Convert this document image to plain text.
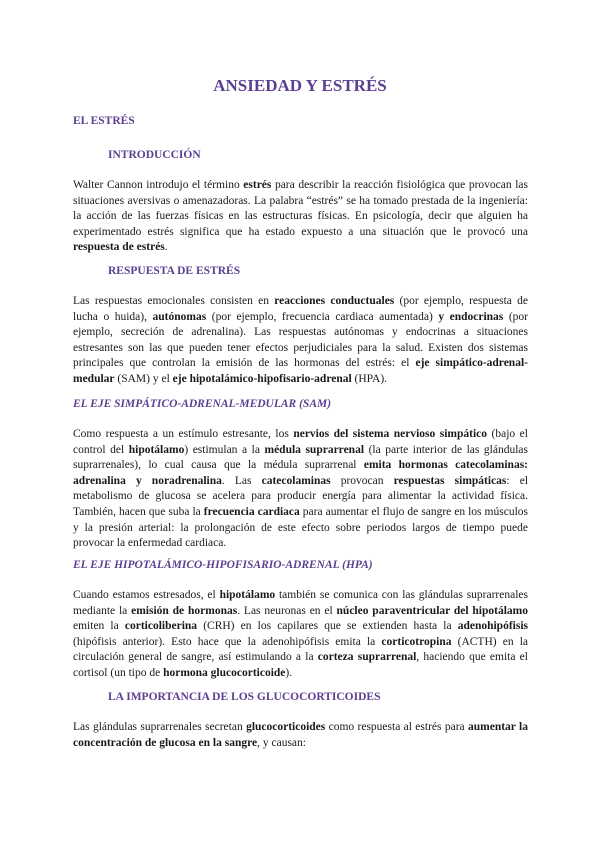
ANSIEDAD Y ESTRÉS
EL ESTRÉS
INTRODUCCIÓN

Walter Cannon introdujo el término estrés para describir la reacción fisiológica que provocan las situaciones aversivas o amenazadoras. La palabra “estrés” se ha tomado prestada de la ingeniería: la acción de las fuerzas físicas en las estructuras físicas. En psicología, decir que alguien ha experimentado estrés significa que ha estado expuesto a una situación que le provocó una respuesta de estrés.

RESPUESTA DE ESTRÉS

Las respuestas emocionales consisten en reacciones conductuales (por ejemplo, respuesta de lucha o huida), autónomas (por ejemplo, frecuencia cardiaca aumentada) y endocrinas (por ejemplo, secreción de adrenalina). Las respuestas autónomas y endocrinas a situaciones estresantes son las que pueden tener efectos perjudiciales para la salud. Existen dos sistemas principales que controlan la emisión de las hormonas del estrés: el eje simpático-adrenal-medular (SAM) y el eje hipotalámico-hipofisario-adrenal (HPA).

EL EJE SIMPÁTICO-ADRENAL-MEDULAR (SAM)

Como respuesta a un estímulo estresante, los nervios del sistema nervioso simpático (bajo el control del hipotálamo) estimulan a la médula suprarrenal (la parte interior de las glándulas suprarrenales), lo cual causa que la médula suprarrenal emita hormonas catecolaminas: adrenalina y noradrenalina. Las catecolaminas provocan respuestas simpáticas: el metabolismo de glucosa se acelera para producir energía para alimentar la actividad física. También, hacen que suba la frecuencia cardiaca para aumentar el flujo de sangre en los músculos y la presión arterial: la prolongación de este efecto sobre periodos largos de tiempo puede provocar la enfermedad cardiaca.

EL EJE HIPOTALÁMICO-HIPOFISARIO-ADRENAL (HPA)

Cuando estamos estresados, el hipotálamo también se comunica con las glándulas suprarrenales mediante la emisión de hormonas. Las neuronas en el núcleo paraventricular del hipotálamo emiten la corticoliberina (CRH) en los capilares que se extienden hasta la adenohipófisis (hipófisis anterior). Esto hace que la adenohipófisis emita la corticotropina (ACTH) en la circulación general de sangre, así estimulando a la corteza suprarrenal, haciendo que emita el cortisol (un tipo de hormona glucocorticoide).

LA IMPORTANCIA DE LOS GLUCOCORTICOIDES

Las glándulas suprarrenales secretan glucocorticoides como respuesta al estrés para aumentar la concentración de glucosa en la sangre, y causan:
